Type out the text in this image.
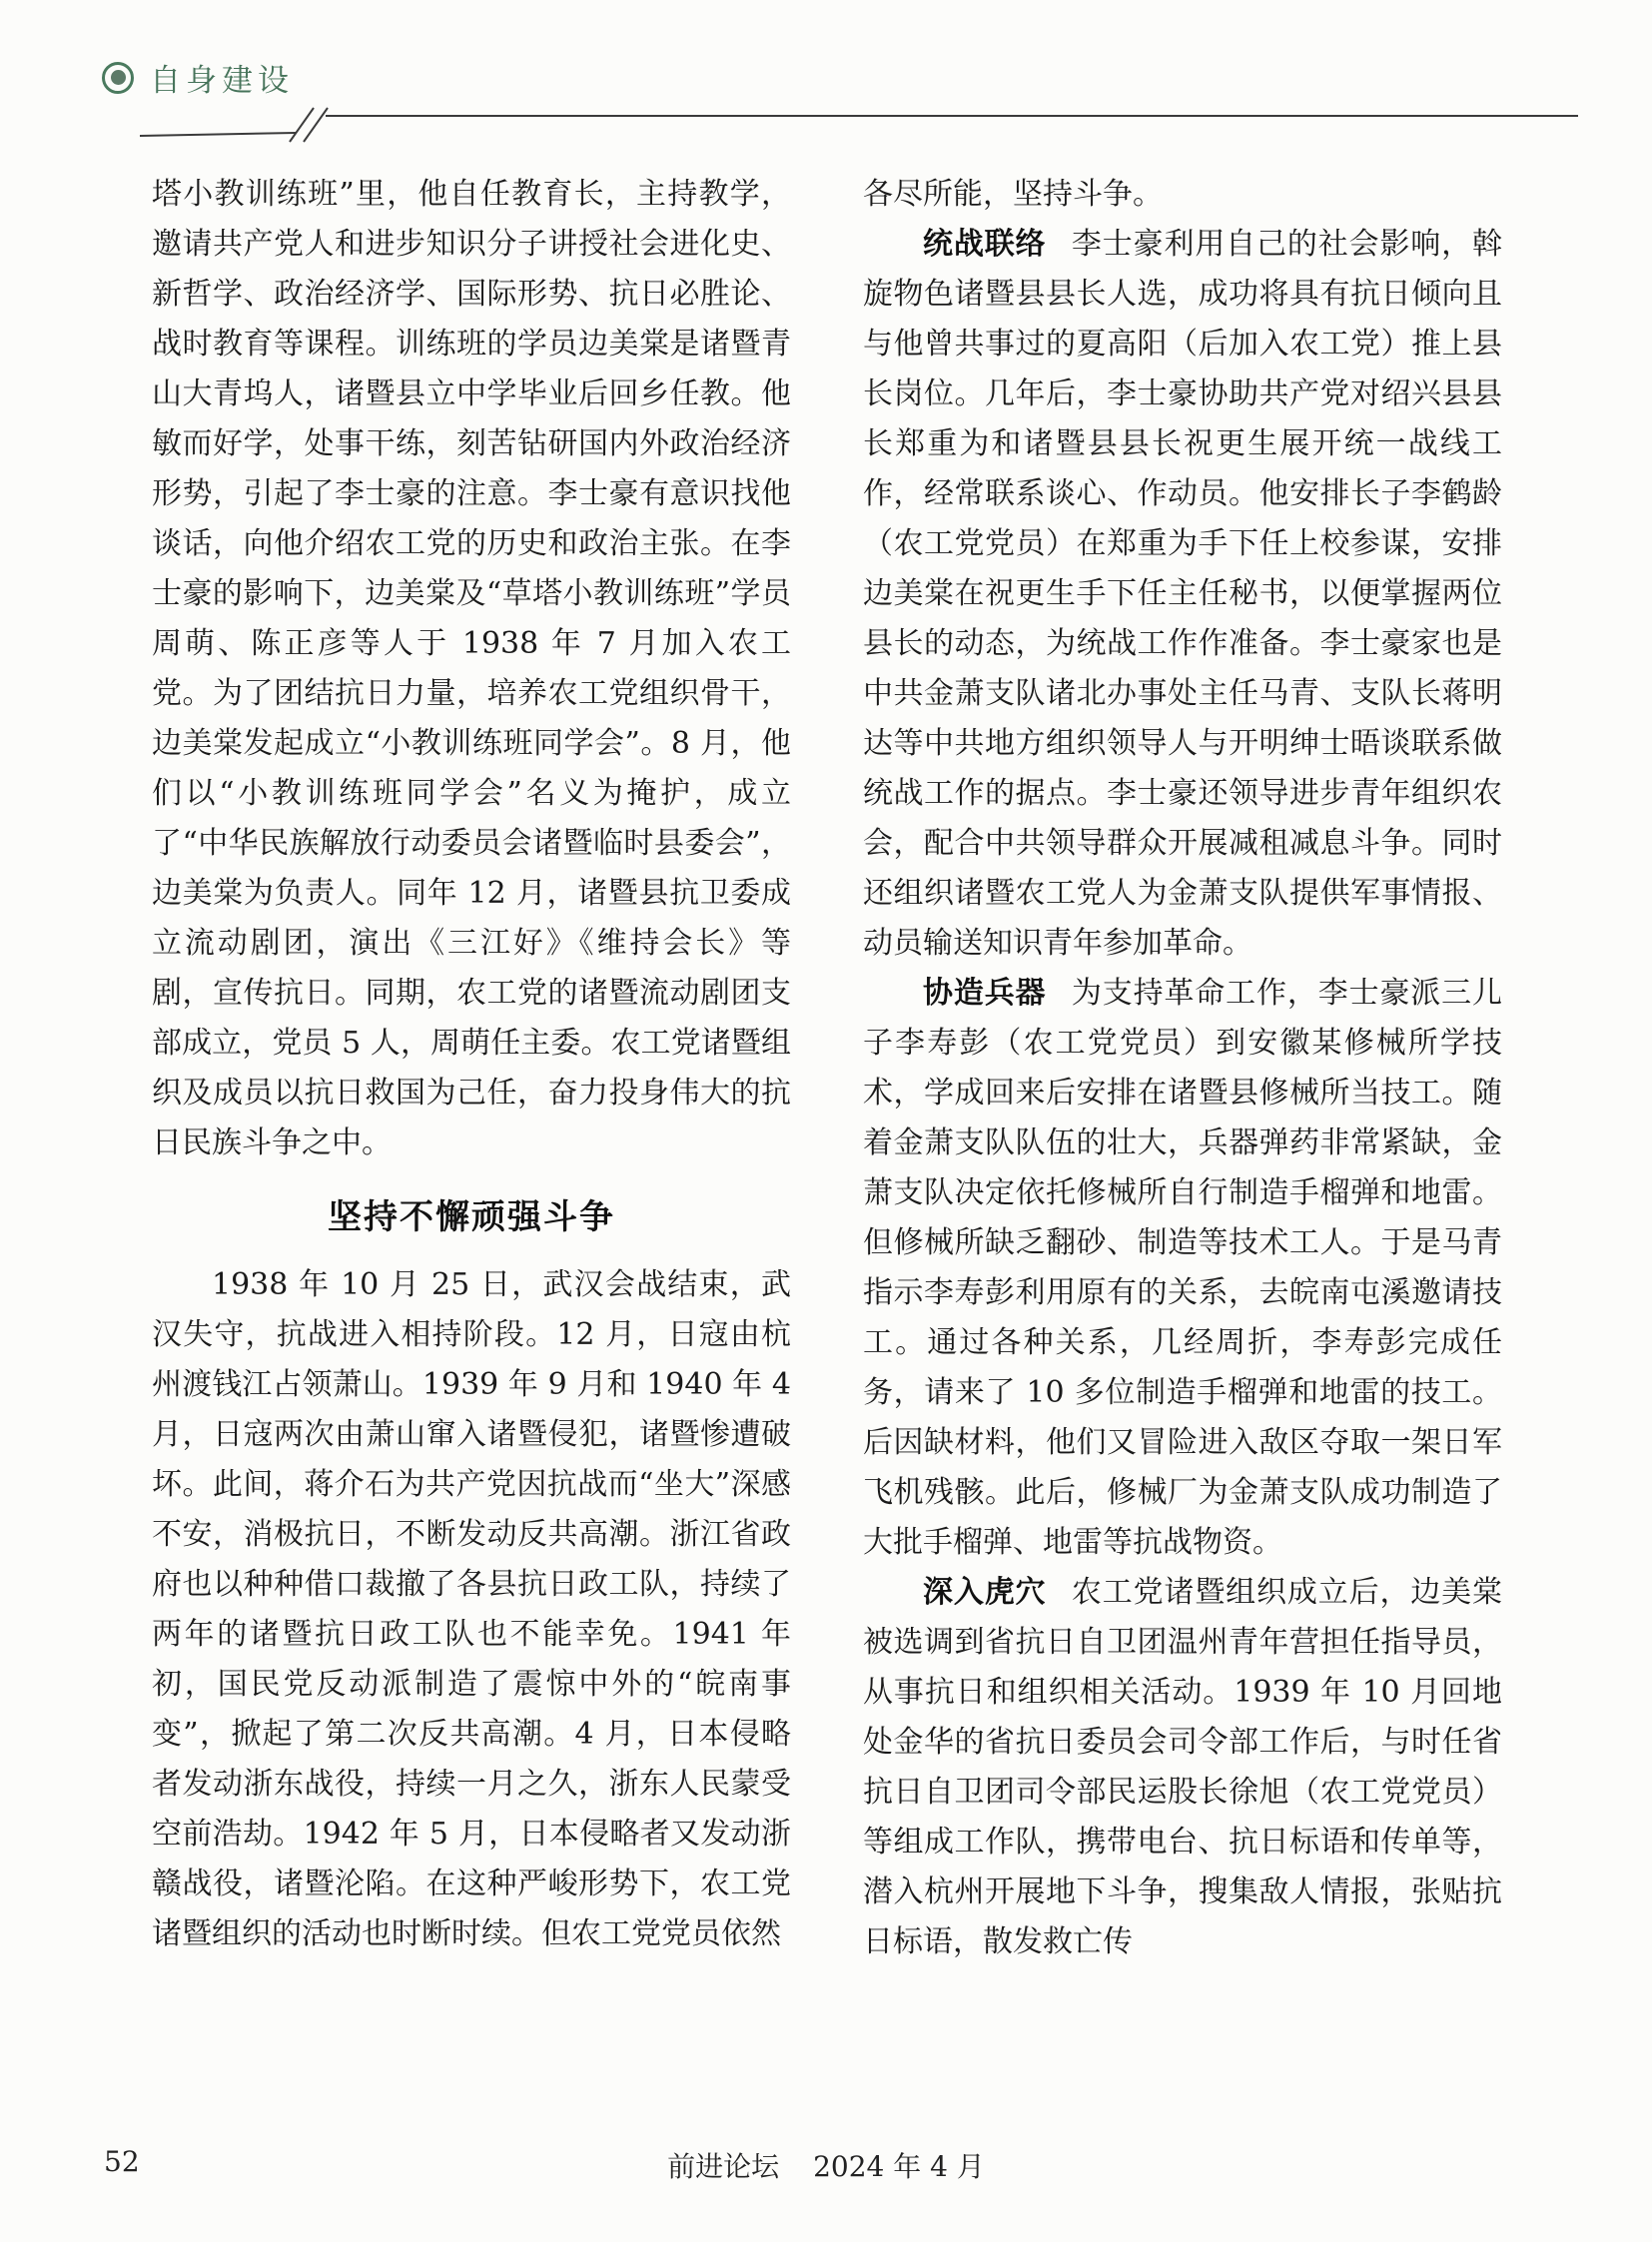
自身建设

塔小教训练班”里，他自任教育长，主持教学，邀请共产党人和进步知识分子讲授社会进化史、新哲学、政治经济学、国际形势、抗日必胜论、战时教育等课程。训练班的学员边美棠是诸暨青山大青坞人，诸暨县立中学毕业后回乡任教。他敏而好学，处事干练，刻苦钻研国内外政治经济形势，引起了李士豪的注意。李士豪有意识找他谈话，向他介绍农工党的历史和政治主张。在李士豪的影响下，边美棠及“草塔小教训练班”学员周萌、陈正彦等人于 1938 年 7 月加入农工党。为了团结抗日力量，培养农工党组织骨干，边美棠发起成立“小教训练班同学会”。8 月，他们以“小教训练班同学会”名义为掩护，成立了“中华民族解放行动委员会诸暨临时县委会”，边美棠为负责人。同年 12 月，诸暨县抗卫委成立流动剧团，演出《三江好》《维持会长》等剧，宣传抗日。同期，农工党的诸暨流动剧团支部成立，党员 5 人，周萌任主委。农工党诸暨组织及成员以抗日救国为己任，奋力投身伟大的抗日民族斗争之中。

坚持不懈顽强斗争

1938 年 10 月 25 日，武汉会战结束，武汉失守，抗战进入相持阶段。12 月，日寇由杭州渡钱江占领萧山。1939 年 9 月和 1940 年 4 月，日寇两次由萧山窜入诸暨侵犯，诸暨惨遭破坏。此间，蒋介石为共产党因抗战而“坐大”深感不安，消极抗日，不断发动反共高潮。浙江省政府也以种种借口裁撤了各县抗日政工队，持续了两年的诸暨抗日政工队也不能幸免。1941 年初，国民党反动派制造了震惊中外的“皖南事变”，掀起了第二次反共高潮。4 月，日本侵略者发动浙东战役，持续一月之久，浙东人民蒙受空前浩劫。1942 年 5 月，日本侵略者又发动浙赣战役，诸暨沦陷。在这种严峻形势下，农工党诸暨组织的活动也时断时续。但农工党党员依然

各尽所能，坚持斗争。

统战联络 李士豪利用自己的社会影响，斡旋物色诸暨县县长人选，成功将具有抗日倾向且与他曾共事过的夏高阳（后加入农工党）推上县长岗位。几年后，李士豪协助共产党对绍兴县县长郑重为和诸暨县县长祝更生展开统一战线工作，经常联系谈心、作动员。他安排长子李鹤龄（农工党党员）在郑重为手下任上校参谋，安排边美棠在祝更生手下任主任秘书，以便掌握两位县长的动态，为统战工作作准备。李士豪家也是中共金萧支队诸北办事处主任马青、支队长蒋明达等中共地方组织领导人与开明绅士晤谈联系做统战工作的据点。李士豪还领导进步青年组织农会，配合中共领导群众开展减租减息斗争。同时还组织诸暨农工党人为金萧支队提供军事情报、动员输送知识青年参加革命。

协造兵器 为支持革命工作，李士豪派三儿子李寿彭（农工党党员）到安徽某修械所学技术，学成回来后安排在诸暨县修械所当技工。随着金萧支队队伍的壮大，兵器弹药非常紧缺，金萧支队决定依托修械所自行制造手榴弹和地雷。但修械所缺乏翻砂、制造等技术工人。于是马青指示李寿彭利用原有的关系，去皖南屯溪邀请技工。通过各种关系，几经周折，李寿彭完成任务，请来了 10 多位制造手榴弹和地雷的技工。后因缺材料，他们又冒险进入敌区夺取一架日军飞机残骸。此后，修械厂为金萧支队成功制造了大批手榴弹、地雷等抗战物资。

深入虎穴 农工党诸暨组织成立后，边美棠被选调到省抗日自卫团温州青年营担任指导员，从事抗日和组织相关活动。1939 年 10 月回地处金华的省抗日委员会司令部工作后，与时任省抗日自卫团司令部民运股长徐旭（农工党党员）等组成工作队，携带电台、抗日标语和传单等，潜入杭州开展地下斗争，搜集敌人情报，张贴抗日标语，散发救亡传

52	前进论坛 2024 年 4 月
